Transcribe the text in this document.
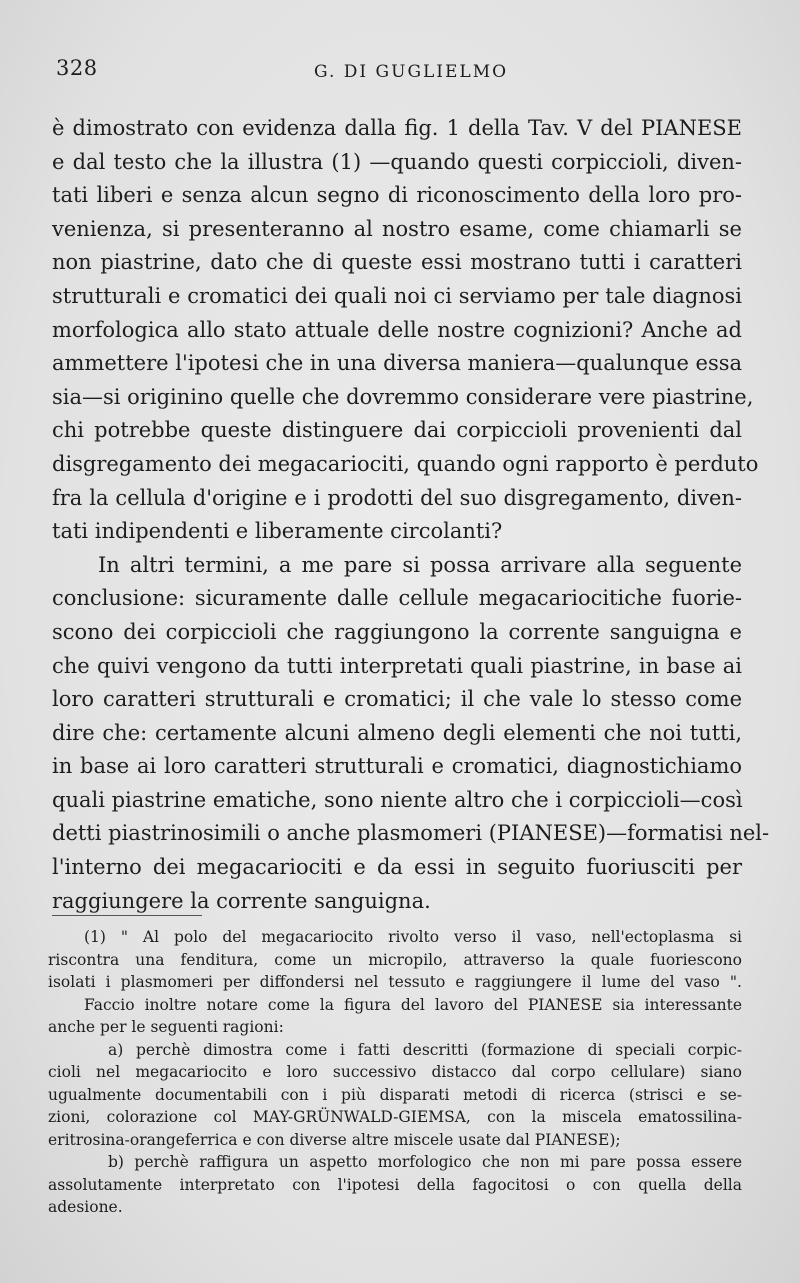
328	G. DI GUGLIELMO
è dimostrato con evidenza dalla fig. 1 della Tav. V del PIANESE
e dal testo che la illustra (1) —quando questi corpiccioli, diven-
tati liberi e senza alcun segno di riconoscimento della loro pro-
venienza, si presenteranno al nostro esame, come chiamarli se
non piastrine, dato che di queste essi mostrano tutti i caratteri
strutturali e cromatici dei quali noi ci serviamo per tale diagnosi
morfologica allo stato attuale delle nostre cognizioni? Anche ad
ammettere l'ipotesi che in una diversa maniera—qualunque essa
sia—si originino quelle che dovremmo considerare vere piastrine,
chi potrebbe queste distinguere dai corpiccioli provenienti dal
disgregamento dei megacariociti, quando ogni rapporto è perduto
fra la cellula d'origine e i prodotti del suo disgregamento, diven-
tati indipendenti e liberamente circolanti?
In altri termini, a me pare si possa arrivare alla seguente
conclusione: sicuramente dalle cellule megacariocitiche fuorie-
scono dei corpiccioli che raggiungono la corrente sanguigna e
che quivi vengono da tutti interpretati quali piastrine, in base ai
loro caratteri strutturali e cromatici; il che vale lo stesso come
dire che: certamente alcuni almeno degli elementi che noi tutti,
in base ai loro caratteri strutturali e cromatici, diagnostichiamo
quali piastrine ematiche, sono niente altro che i corpiccioli—così
detti piastrinosimili o anche plasmomeri (PIANESE)—formatisi nel-
l'interno dei megacariociti e da essi in seguito fuoriusciti per
raggiungere la corrente sanguigna.
(1) " Al polo del megacariocito rivolto verso il vaso, nell'ectoplasma si
riscontra una fenditura, come un micropilo, attraverso la quale fuoriescono
isolati i plasmomeri per diffondersi nel tessuto e raggiungere il lume del vaso ".
Faccio inoltre notare come la figura del lavoro del PIANESE sia interessante
anche per le seguenti ragioni:
a) perchè dimostra come i fatti descritti (formazione di speciali corpic-
cioli nel megacariocito e loro successivo distacco dal corpo cellulare) siano
ugualmente documentabili con i più disparati metodi di ricerca (strisci e se-
zioni, colorazione col MAY-GRÜNWALD-GIEMSA, con la miscela ematossilina-
eritrosina-orangeferrica e con diverse altre miscele usate dal PIANESE);
b) perchè raffigura un aspetto morfologico che non mi pare possa essere
assolutamente interpretato con l'ipotesi della fagocitosi o con quella della
adesione.
